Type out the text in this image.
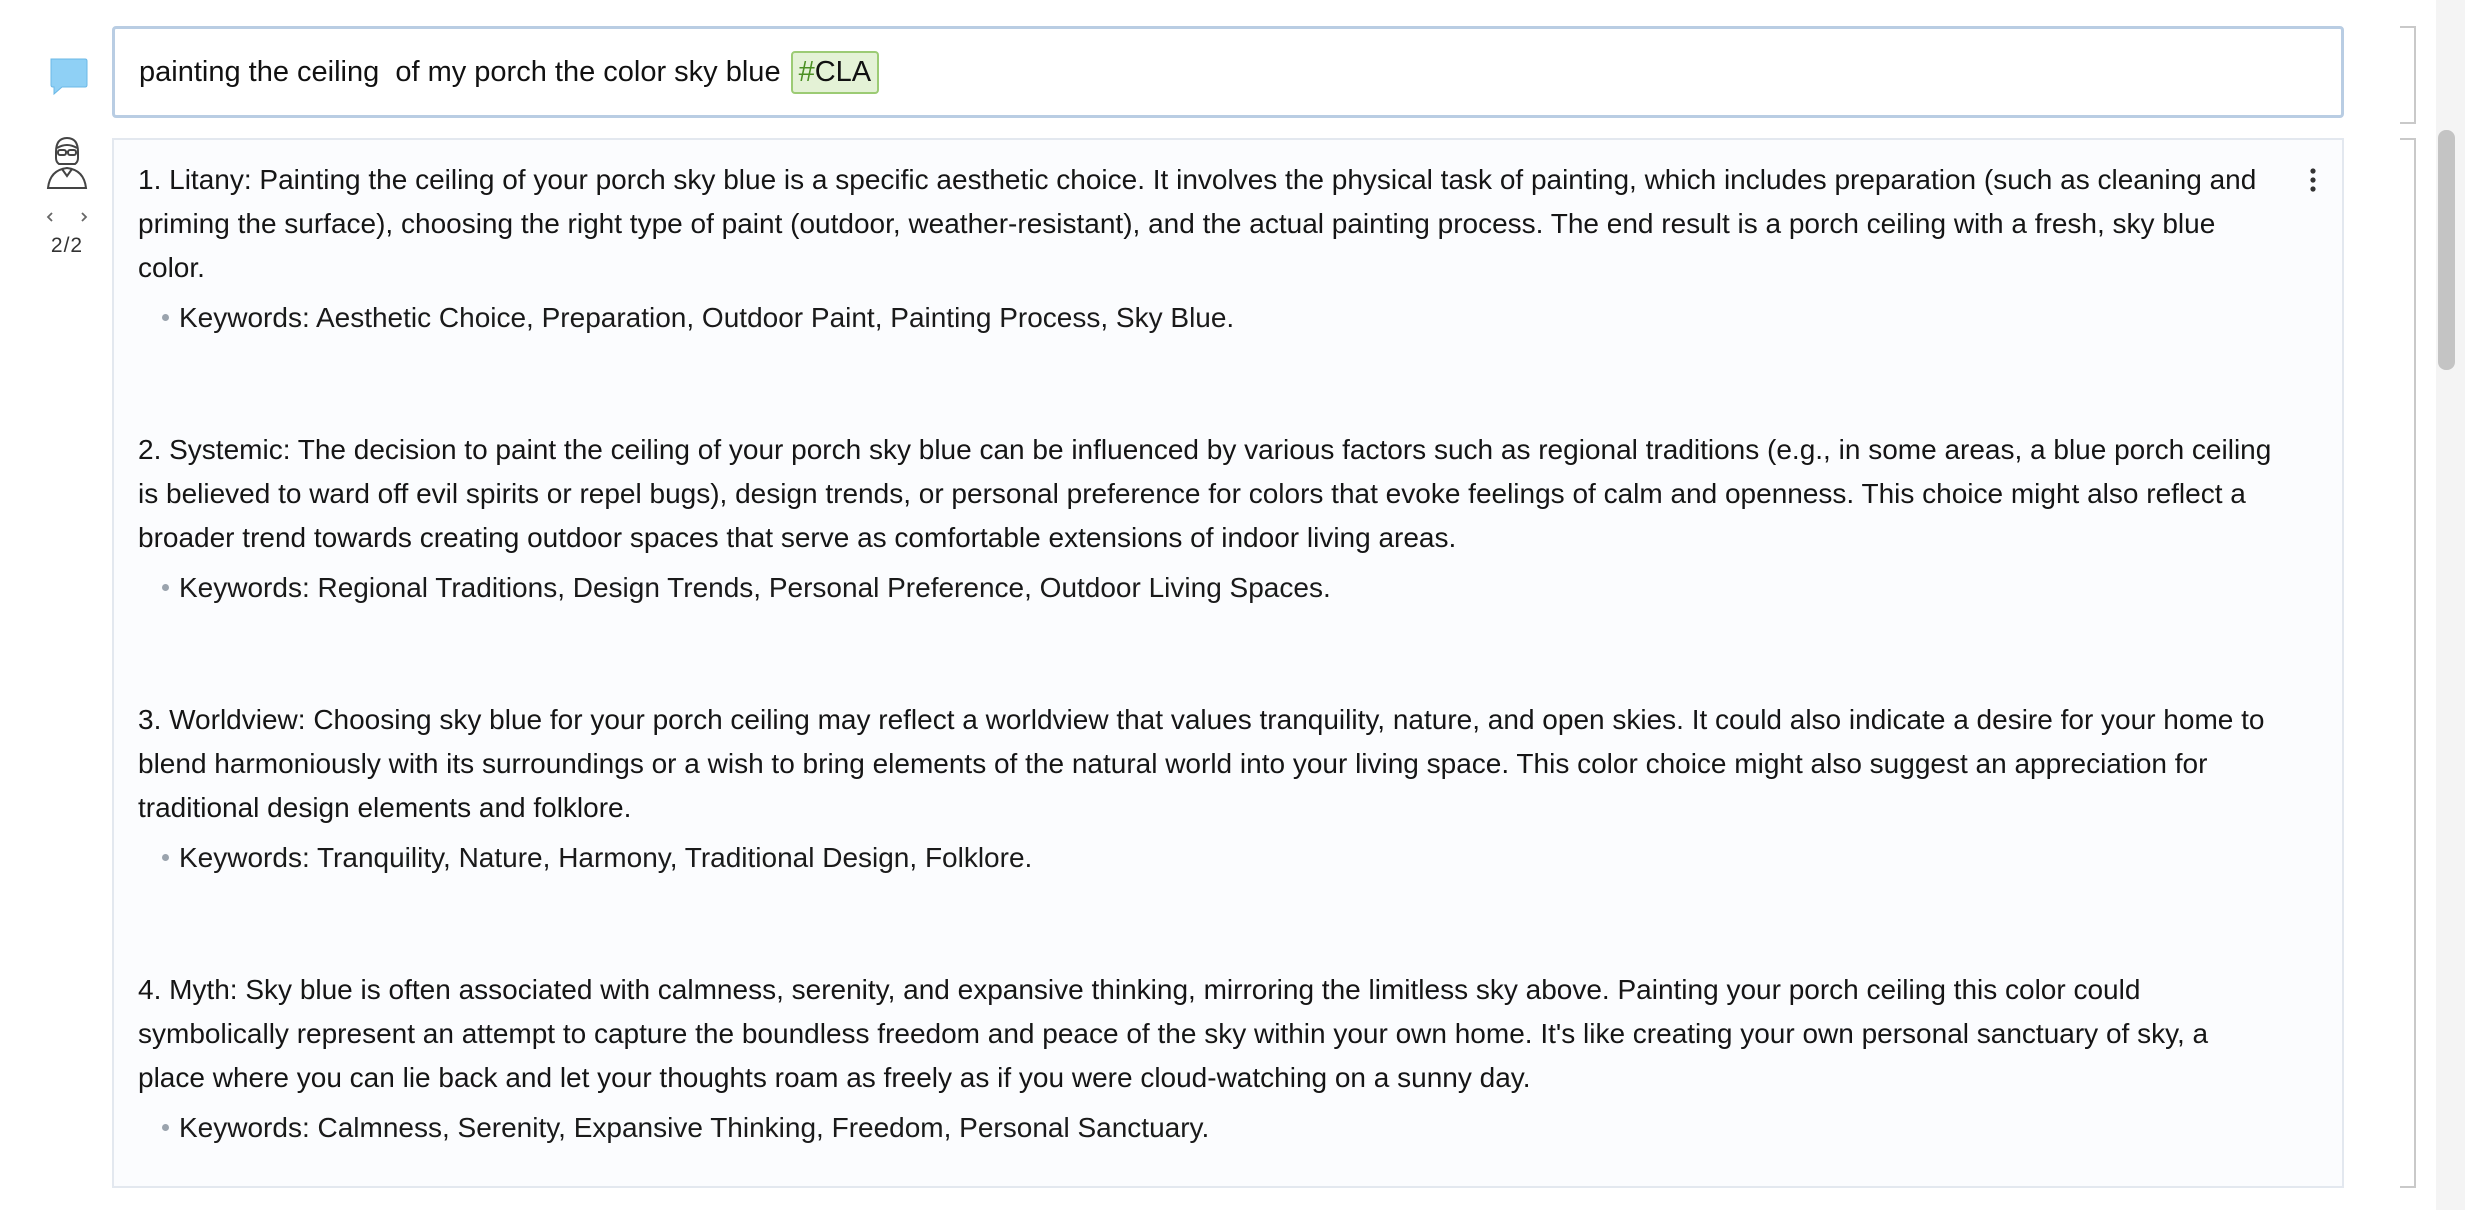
painting the ceiling  of my porch the color sky blue # CLA
2/2

1. Litany: Painting the ceiling of your porch sky blue is a specific aesthetic choice. It involves the physical task of painting, which includes preparation (such as cleaning and priming the surface), choosing the right type of paint (outdoor, weather-resistant), and the actual painting process. The end result is a porch ceiling with a fresh, sky blue color.

Keywords: Aesthetic Choice, Preparation, Outdoor Paint, Painting Process, Sky Blue.

2. Systemic: The decision to paint the ceiling of your porch sky blue can be influenced by various factors such as regional traditions (e.g., in some areas, a blue porch ceiling is believed to ward off evil spirits or repel bugs), design trends, or personal preference for colors that evoke feelings of calm and openness. This choice might also reflect a broader trend towards creating outdoor spaces that serve as comfortable extensions of indoor living areas.

Keywords: Regional Traditions, Design Trends, Personal Preference, Outdoor Living Spaces.

3. Worldview: Choosing sky blue for your porch ceiling may reflect a worldview that values tranquility, nature, and open skies. It could also indicate a desire for your home to blend harmoniously with its surroundings or a wish to bring elements of the natural world into your living space. This color choice might also suggest an appreciation for traditional design elements and folklore.

Keywords: Tranquility, Nature, Harmony, Traditional Design, Folklore.

4. Myth: Sky blue is often associated with calmness, serenity, and expansive thinking, mirroring the limitless sky above. Painting your porch ceiling this color could symbolically represent an attempt to capture the boundless freedom and peace of the sky within your own home. It's like creating your own personal sanctuary of sky, a place where you can lie back and let your thoughts roam as freely as if you were cloud-watching on a sunny day.

Keywords: Calmness, Serenity, Expansive Thinking, Freedom, Personal Sanctuary.
